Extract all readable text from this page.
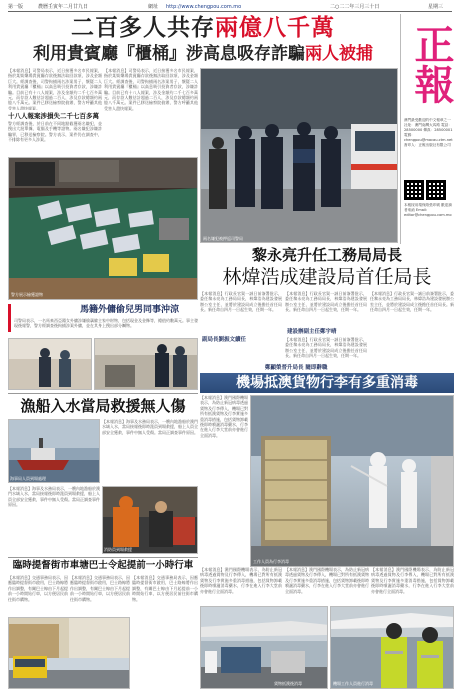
第一版	農曆壬寅年二月廿九日	網址 http://www.chengpou.com.mo	二○二二年三月三十日	星期三
二百多人共存兩億八千萬
利用貴賓廳『櫃桶』涉高息吸存詐騙兩人被捕 正報
澳門最受歡迎的中文報章之一 社址：澳門南灣大馬路 電話：28500000 傳真：28500001 電郵：chengpou@macau.ctm.net 督印人：正報出版社有限公司
本報採用環保紙張印刷 歡迎讀者來函 Email: editor@chengpou.com.mo
【本報消息】司警局表示，近日接獲多名市民報案，指於某娛樂場貴賓廳存款後無法取回款項，涉及金額巨大。經調查後，司警拘捕兩名涉案男子，懷疑二人利用貴賓廳『櫃桶』以高息吸引投資者存款，涉嫌詐騙。目前已有十八人報案，涉及金額約二千七百多萬元，而存款人數估計超過二百人，涉及存款總額約兩億八千萬元。案件已移送檢察院偵辦，警方呼籲其他受害人盡快報案。
十八人報案涉損失二千七百多萬
警方經調查後，於日前在不同地點截獲兩名嫌犯，並搜出大批單據、電腦及手機等證物。兩名嫌犯涉嫌詐騙罪，已移送檢察院。警方表示，案件仍在調查中，不排除有更多人涉案。
【本報消息】司警局表示，近日接獲多名市民報案，指於某娛樂場貴賓廳存款後無法取回款項，涉及金額巨大。經調查後，司警拘捕兩名涉案男子，懷疑二人利用貴賓廳『櫃桶』以高息吸引投資者存款，涉嫌詐騙。目前已有十八人報案，涉及金額約二千七百多萬元，而存款人數估計超過二百人，涉及存款總額約兩億八千萬元。案件已移送檢察院偵辦，警方呼籲其他受害人盡快報案。
兩名嫌犯被押返司警局
警方展示檢獲證物
黎永亮升任工務局局長
林煒浩成建設局首任局長
【本報消息】行政長官賀一誠日前簽署批示，委任黎永亮為工務局局長，林煒浩為建設發展辦公室主任，並將於建設局成立後擔任首任局長。新任命自四月一日起生效，任期一年。
副局長劉振文續任
【本報消息】行政長官賀一誠日前簽署批示，委任黎永亮為工務局局長，林煒浩為建設發展辦公室主任，並將於建設局成立後擔任首任局長。新任命自四月一日起生效，任期一年。
建設辦副主任鄭宇晴
【本報消息】行政長官賀一誠日前簽署批示，委任黎永亮為工務局局長，林煒浩為建設發展辦公室主任，並將於建設局成立後擔任首任局長。新任命自四月一日起生效，任期一年。
鄭顯榮晉升局長 隨即辭職
【本報消息】行政長官賀一誠日前簽署批示，委任黎永亮為工務局局長，林煒浩為建設發展辦公室主任，並將於建設局成立後擔任首任局長。新任命自四月一日起生效，任期一年。
馬籍外傭偷兒男同事沖涼
司警局表示，一名馬來西亞籍女外傭涉嫌偷竊僱主家中財物，包括現金及金飾等，總值約數萬元。事主發現後報警，警方經調查後拘捕涉案外傭，並在其身上搜出部分贓物。
機場抵澳貨物行李有多重消毒
【本報消息】澳門國際機場表示，為防止新冠病毒透過貨物及行李傳入，機場已對所有抵澳貨物及行李實施多重消毒措施，包括貨物卸載後即時噴灑消毒藥水，行李在進入行李大堂前亦會進行全面消毒。
工作人員為行李消毒
漁船入水當局救援無人傷
海事局人員到場處理
【本報消息】海事及水務局表示，一艘內地漁船於澳門水域入水，當局接報後即時派員到場救援，船上人員全部安全獲救，事件中無人受傷。當局正調查事件原因。
【本報消息】海事及水務局表示，一艘內地漁船於澳門水域入水，當局接報後即時派員到場救援，船上人員全部安全獲救，事件中無人受傷。當局正調查事件原因。
消防員到場救援
臨時提督街市車塘巴士令起提前一小時行車
【本報消息】交通事務局表示，因應臨時提督街市啟用，巴士路線將作出調整，有關巴士線由下月起提前一小時開始行車，以方便居民前往街市購物。
【本報消息】交通事務局表示，因應臨時提督街市啟用，巴士路線將作出調整，有關巴士線由下月起提前一小時開始行車，以方便居民前往街市購物。
【本報消息】交通事務局表示，因應臨時提督街市啟用，巴士路線將作出調整，有關巴士線由下月起提前一小時開始行車，以方便居民前往街市購物。
【本報消息】澳門國際機場表示，為防止新冠病毒透過貨物及行李傳入，機場已對所有抵澳貨物及行李實施多重消毒措施，包括貨物卸載後即時噴灑消毒藥水，行李在進入行李大堂前亦會進行全面消毒。
【本報消息】澳門國際機場表示，為防止新冠病毒透過貨物及行李傳入，機場已對所有抵澳貨物及行李實施多重消毒措施，包括貨物卸載後即時噴灑消毒藥水，行李在進入行李大堂前亦會進行全面消毒。
【本報消息】澳門國際機場表示，為防止新冠病毒透過貨物及行李傳入，機場已對所有抵澳貨物及行李實施多重消毒措施，包括貨物卸載後即時噴灑消毒藥水，行李在進入行李大堂前亦會進行全面消毒。
貨物抵澳後消毒	機場工作人員進行消毒
